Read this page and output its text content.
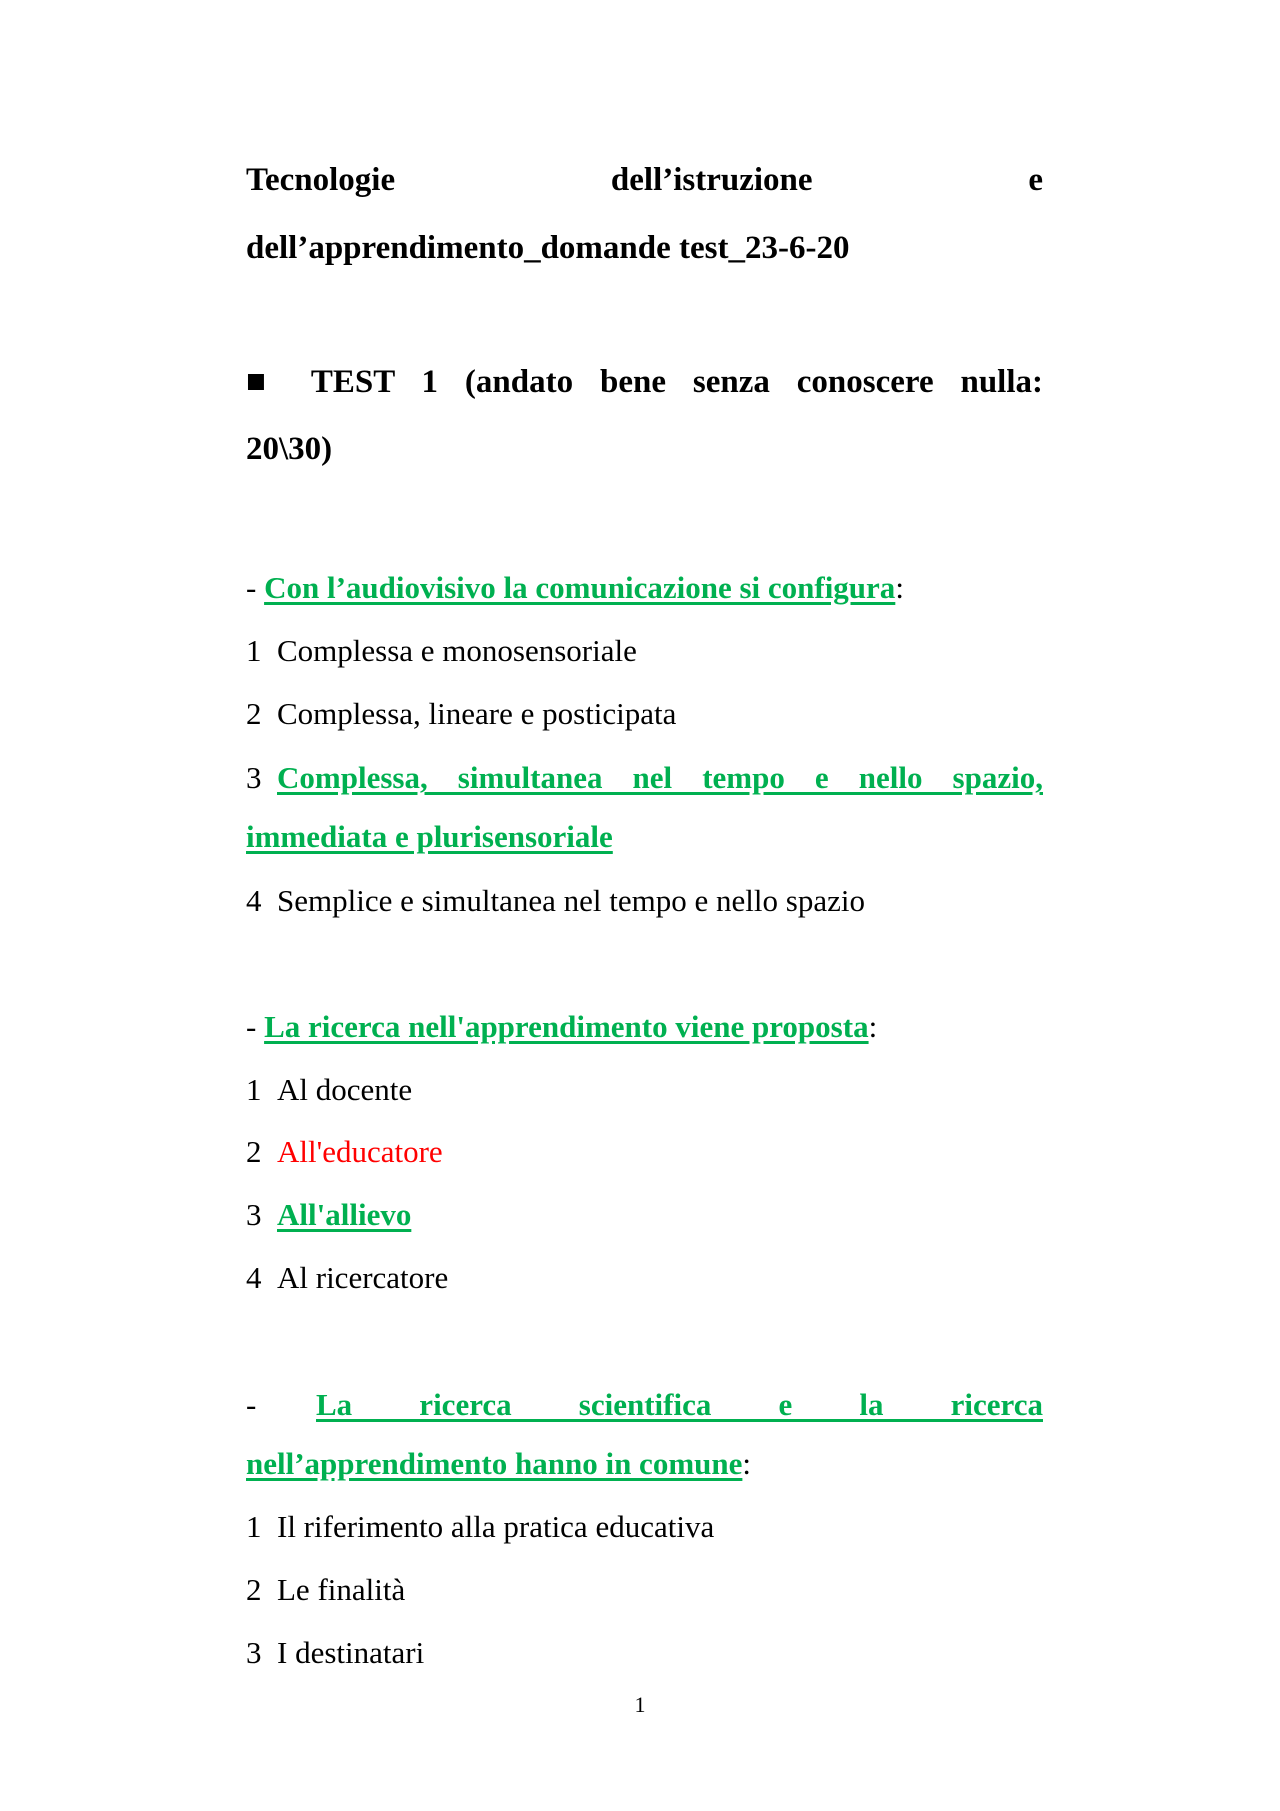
Tecnologie dell’istruzione e
dell’apprendimento_domande test_23-6-20
■ TEST 1 (andato bene senza conoscere nulla:
20\30)
- Con l’audiovisivo la comunicazione si configura:
1 Complessa e monosensoriale
2 Complessa, lineare e posticipata
3 Complessa, simultanea nel tempo e nello spazio,
immediata e plurisensoriale
4 Semplice e simultanea nel tempo e nello spazio
- La ricerca nell'apprendimento viene proposta:
1 Al docente
2 All'educatore
3 All'allievo
4 Al ricercatore
-	La ricerca scientifica e la ricerca
nell’apprendimento hanno in comune:
1 Il riferimento alla pratica educativa
2 Le finalità
3 I destinatari
1
